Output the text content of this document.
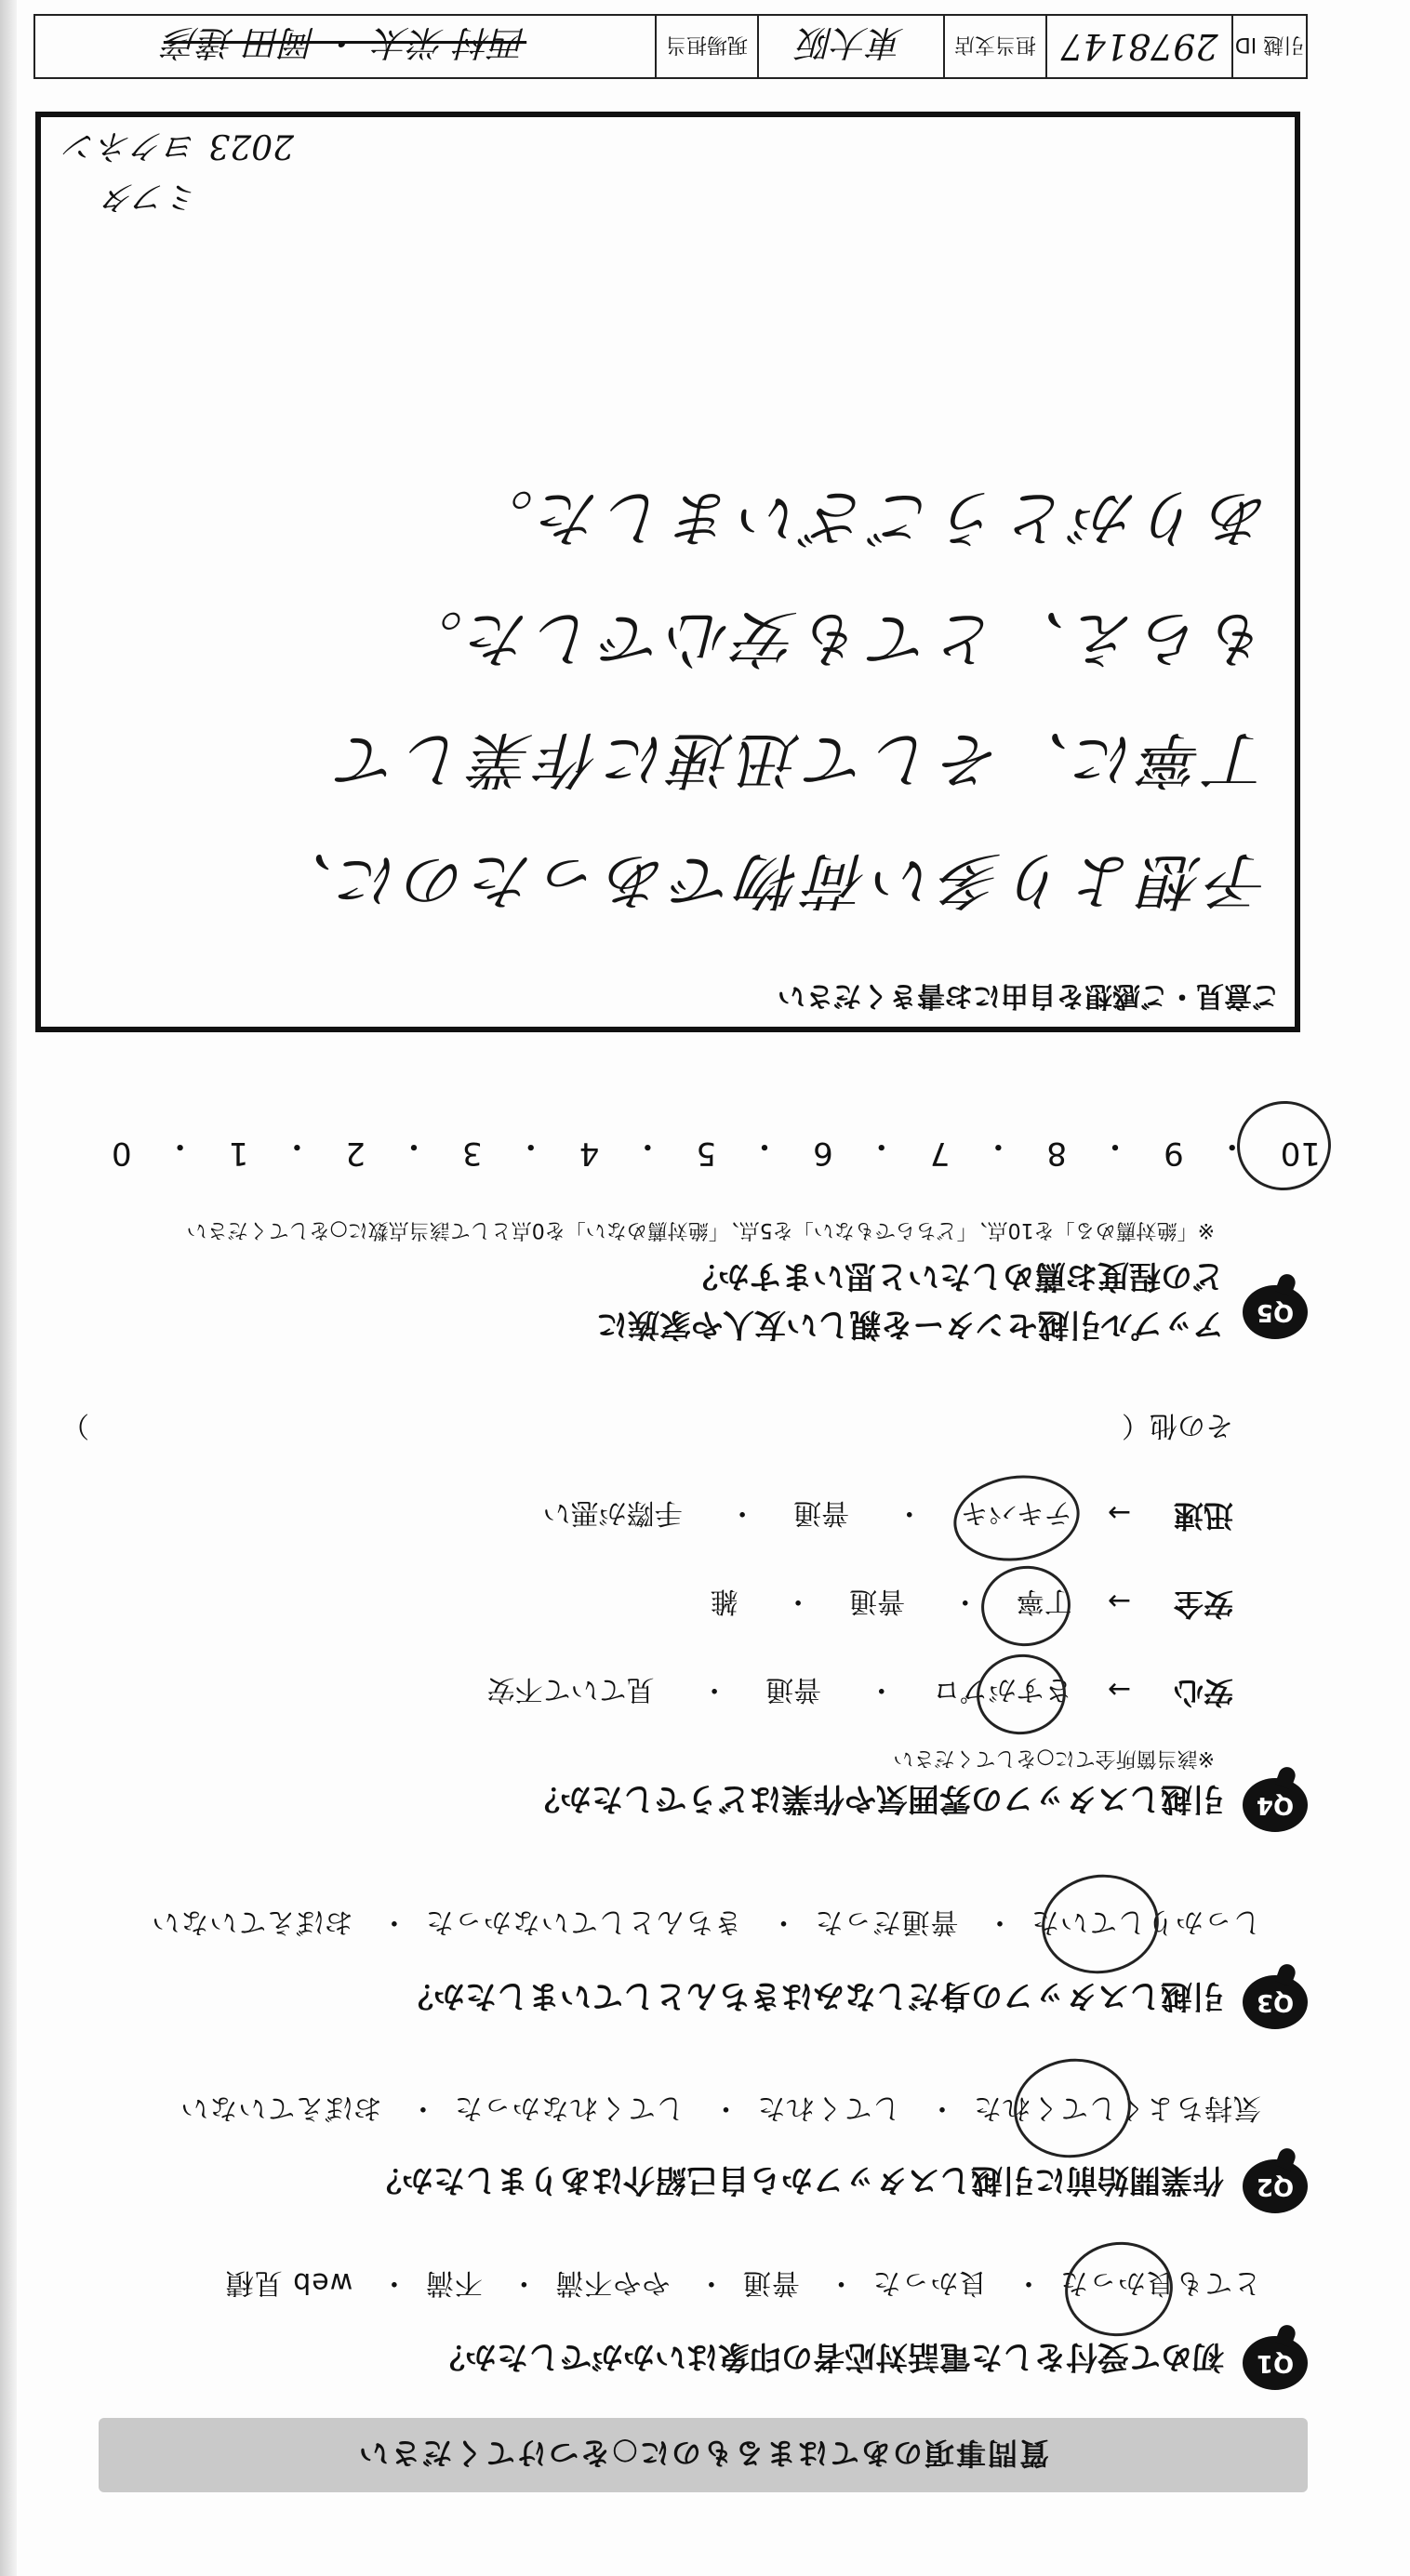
質問事項のあてはまるものに○をつけてください
Q1
初めて受付をした電話対応者の印象はいかがでしたか？
とても良かった・ 良かった・ 普通・ やや不満・ 不満・ web 見積
Q2
作業開始前に引越しスタッフから自己紹介はありましたか？
気持ちよくしてくれた・ してくれた・ してくれなかった・ おぼえていない
Q3
引越しスタッフの身だしなみはきちんとしていましたか？
しっかりしていた・ 普通だった・ きちんとしていなかった・ おぼえていない
Q4
引越しスタッフの雰囲気や作業はどうでしたか？
※該当箇所全てに○をしてください
安心
→    さすがプロ・ 普通・ 見ていて不安
安全
→    丁寧・ 普通・ 雑
迅速
→    テキパキ・ 普通・ 手際が悪い
その他（
）
Q5
アップル引越センターを親しい友人や家族に
どの程度お薦めしたいと思いますか？
※「絶対薦める」を10点、「どちらでもない」を5点、「絶対薦めない」を0点として該当点数に○をしてください
10
・
9
・
8
・
7
・
6
・
5
・
4
・
3
・
2
・
1
・
0
ご意見・ご感想を自由にお書きください
予想より多い荷物であったのに、
丁寧に、そして迅速に作業して
もらえ、とても安心でした。
ありがとうございました。
ミフタ
2023 ヨクネン
引越 ID
2978147
担当支店
東大阪
現場担当
西村 栄太 ・ 岡田 達彦
